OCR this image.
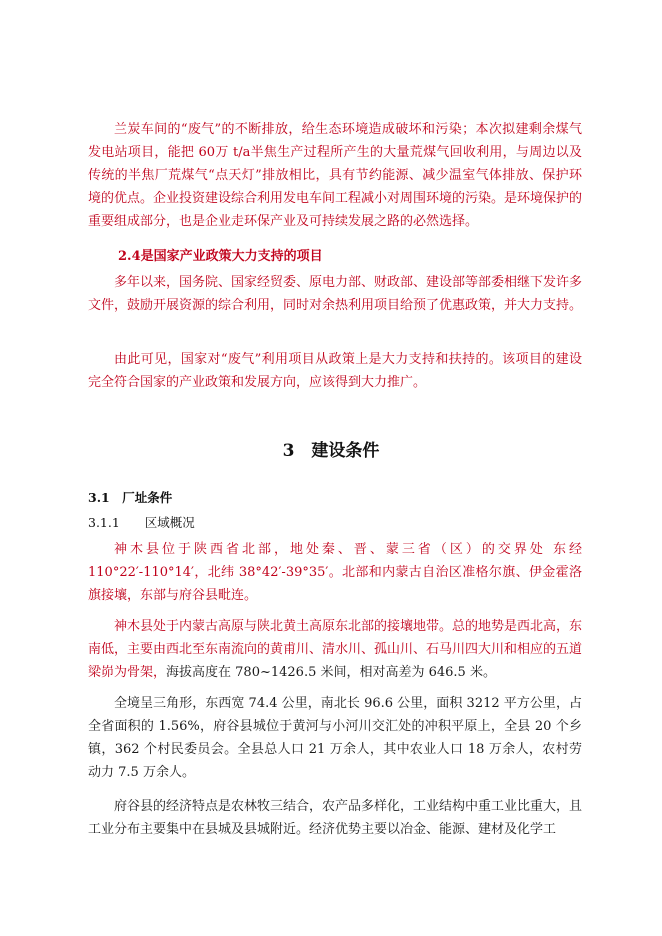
兰炭车间的“废气”的不断排放，给生态环境造成破坏和污染；本次拟建剩余煤气发电站项目，能把 60万 t/a半焦生产过程所产生的大量荒煤气回收利用，与周边以及传统的半焦厂荒煤气“点天灯”排放相比，具有节约能源、减少温室气体排放、保护环境的优点。企业投资建设综合利用发电车间工程减小对周围环境的污染。是环境保护的重要组成部分，也是企业走环保产业及可持续发展之路的必然选择。
2.4是国家产业政策大力支持的项目
多年以来，国务院、国家经贸委、原电力部、财政部、建设部等部委相继下发许多文件，鼓励开展资源的综合利用，同时对余热利用项目给预了优惠政策，并大力支持。
由此可见，国家对“废气”利用项目从政策上是大力支持和扶持的。该项目的建设完全符合国家的产业政策和发展方向，应该得到大力推广。
3　建设条件
3.1　厂址条件
3.1.1　　区域概况
神木县位于陕西省北部，地处秦、晋、蒙三省（区）的交界处 东经 110°22′-110°14′，北纬 38°42′-39°35′。北部和内蒙古自治区准格尔旗、伊金霍洛旗接壤，东部与府谷县毗连。
神木县处于内蒙古高原与陕北黄土高原东北部的接壤地带。总的地势是西北高，东南低，主要由西北至东南流向的黄甫川、清水川、孤山川、石马川四大川和相应的五道梁峁为骨架，海拔高度在 780~1426.5 米间，相对高差为 646.5 米。
全境呈三角形，东西宽 74.4 公里，南北长 96.6 公里，面积 3212 平方公里，占全省面积的 1.56%，府谷县城位于黄河与小河川交汇处的冲积平原上，全县 20 个乡镇，362 个村民委员会。全县总人口 21 万余人，其中农业人口 18 万余人，农村劳动力 7.5 万余人。
府谷县的经济特点是农林牧三结合，农产品多样化，工业结构中重工业比重大，且工业分布主要集中在县城及县城附近。经济优势主要以冶金、能源、建材及化学工
